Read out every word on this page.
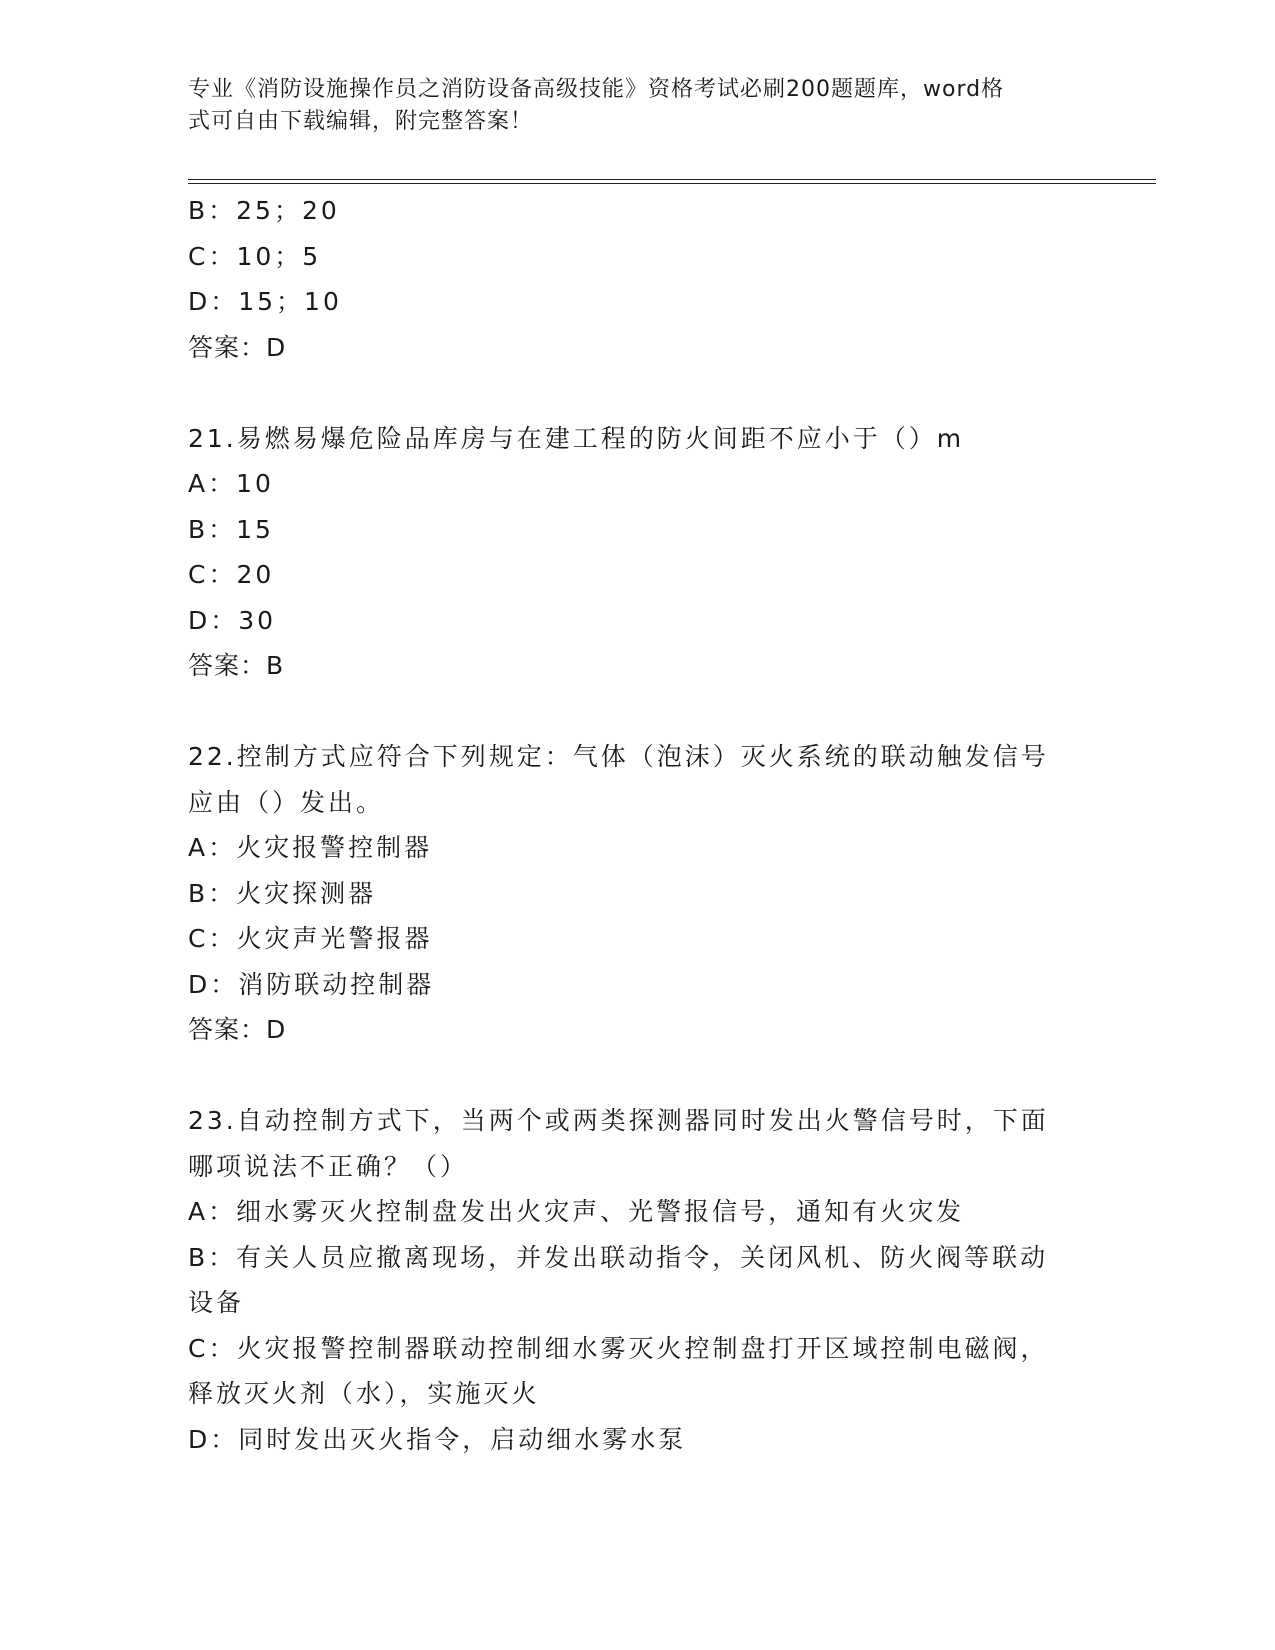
专业《消防设施操作员之消防设备高级技能》资格考试必刷200题题库，word格
式可自由下载编辑，附完整答案！
B：25；20
C：10；5
D：15；10
答案：D
21.易燃易爆危险品库房与在建工程的防火间距不应小于（）m
A：10
B：15
C：20
D：30
答案：B
22.控制方式应符合下列规定：气体（泡沫）灭火系统的联动触发信号
应由（）发出。
A：火灾报警控制器
B：火灾探测器
C：火灾声光警报器
D：消防联动控制器
答案：D
23.自动控制方式下，当两个或两类探测器同时发出火警信号时，下面
哪项说法不正确？（）
A：细水雾灭火控制盘发出火灾声、光警报信号，通知有火灾发
B：有关人员应撤离现场，并发出联动指令，关闭风机、防火阀等联动
设备
C：火灾报警控制器联动控制细水雾灭火控制盘打开区域控制电磁阀，
释放灭火剂（水），实施灭火
D：同时发出灭火指令，启动细水雾水泵
